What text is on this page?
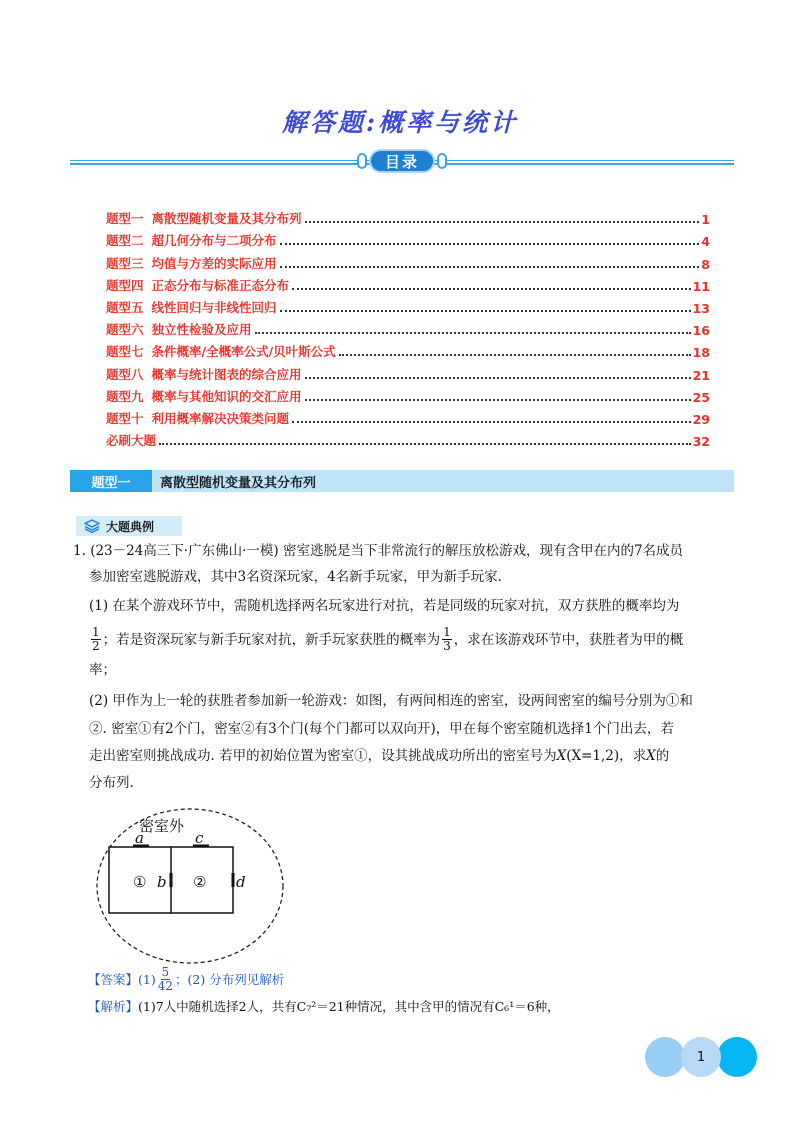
解答题:概率与统计
目录
题型一 离散型随机变量及其分布列	1
题型二 超几何分布与二项分布	4
题型三 均值与方差的实际应用	8
题型四 正态分布与标准正态分布	11
题型五 线性回归与非线性回归	13
题型六 独立性检验及应用	16
题型七 条件概率/全概率公式/贝叶斯公式	18
题型八 概率与统计图表的综合应用	21
题型九 概率与其他知识的交汇应用	25
题型十 利用概率解决决策类问题	29
必刷大题	32
题型一	离散型随机变量及其分布列
大题典例
1. (23－24高三下·广东佛山·一模) 密室逃脱是当下非常流行的解压放松游戏，现有含甲在内的7名成员
参加密室逃脱游戏，其中3名资深玩家，4名新手玩家，甲为新手玩家.
(1) 在某个游戏环节中，需随机选择两名玩家进行对抗，若是同级的玩家对抗，双方获胜的概率均为
$\frac{1}{2}$ ；若是资深玩家与新手玩家对抗，新手玩家获胜的概率为 $\frac{1}{3}$ ，求在该游戏环节中，获胜者为甲的概
率；
(2) 甲作为上一轮的获胜者参加新一轮游戏：如图，有两间相连的密室，设两间密室的编号分别为①和
②. 密室①有2个门，密室②有3个门(每个门都可以双向开)，甲在每个密室随机选择1个门出去，若
走出密室则挑战成功. 若甲的初始位置为密室①，设其挑战成功所出的密室号为X(X=1,2)，求X的
分布列.
密室外
a	c
① b ② d
【答案】 $(1) \frac{5}{42}$ ；(2) 分布列见解析
【解析】(1)7人中随机选择2人，共有C₇²＝21种情况，其中含甲的情况有C₆¹＝6种，
1
